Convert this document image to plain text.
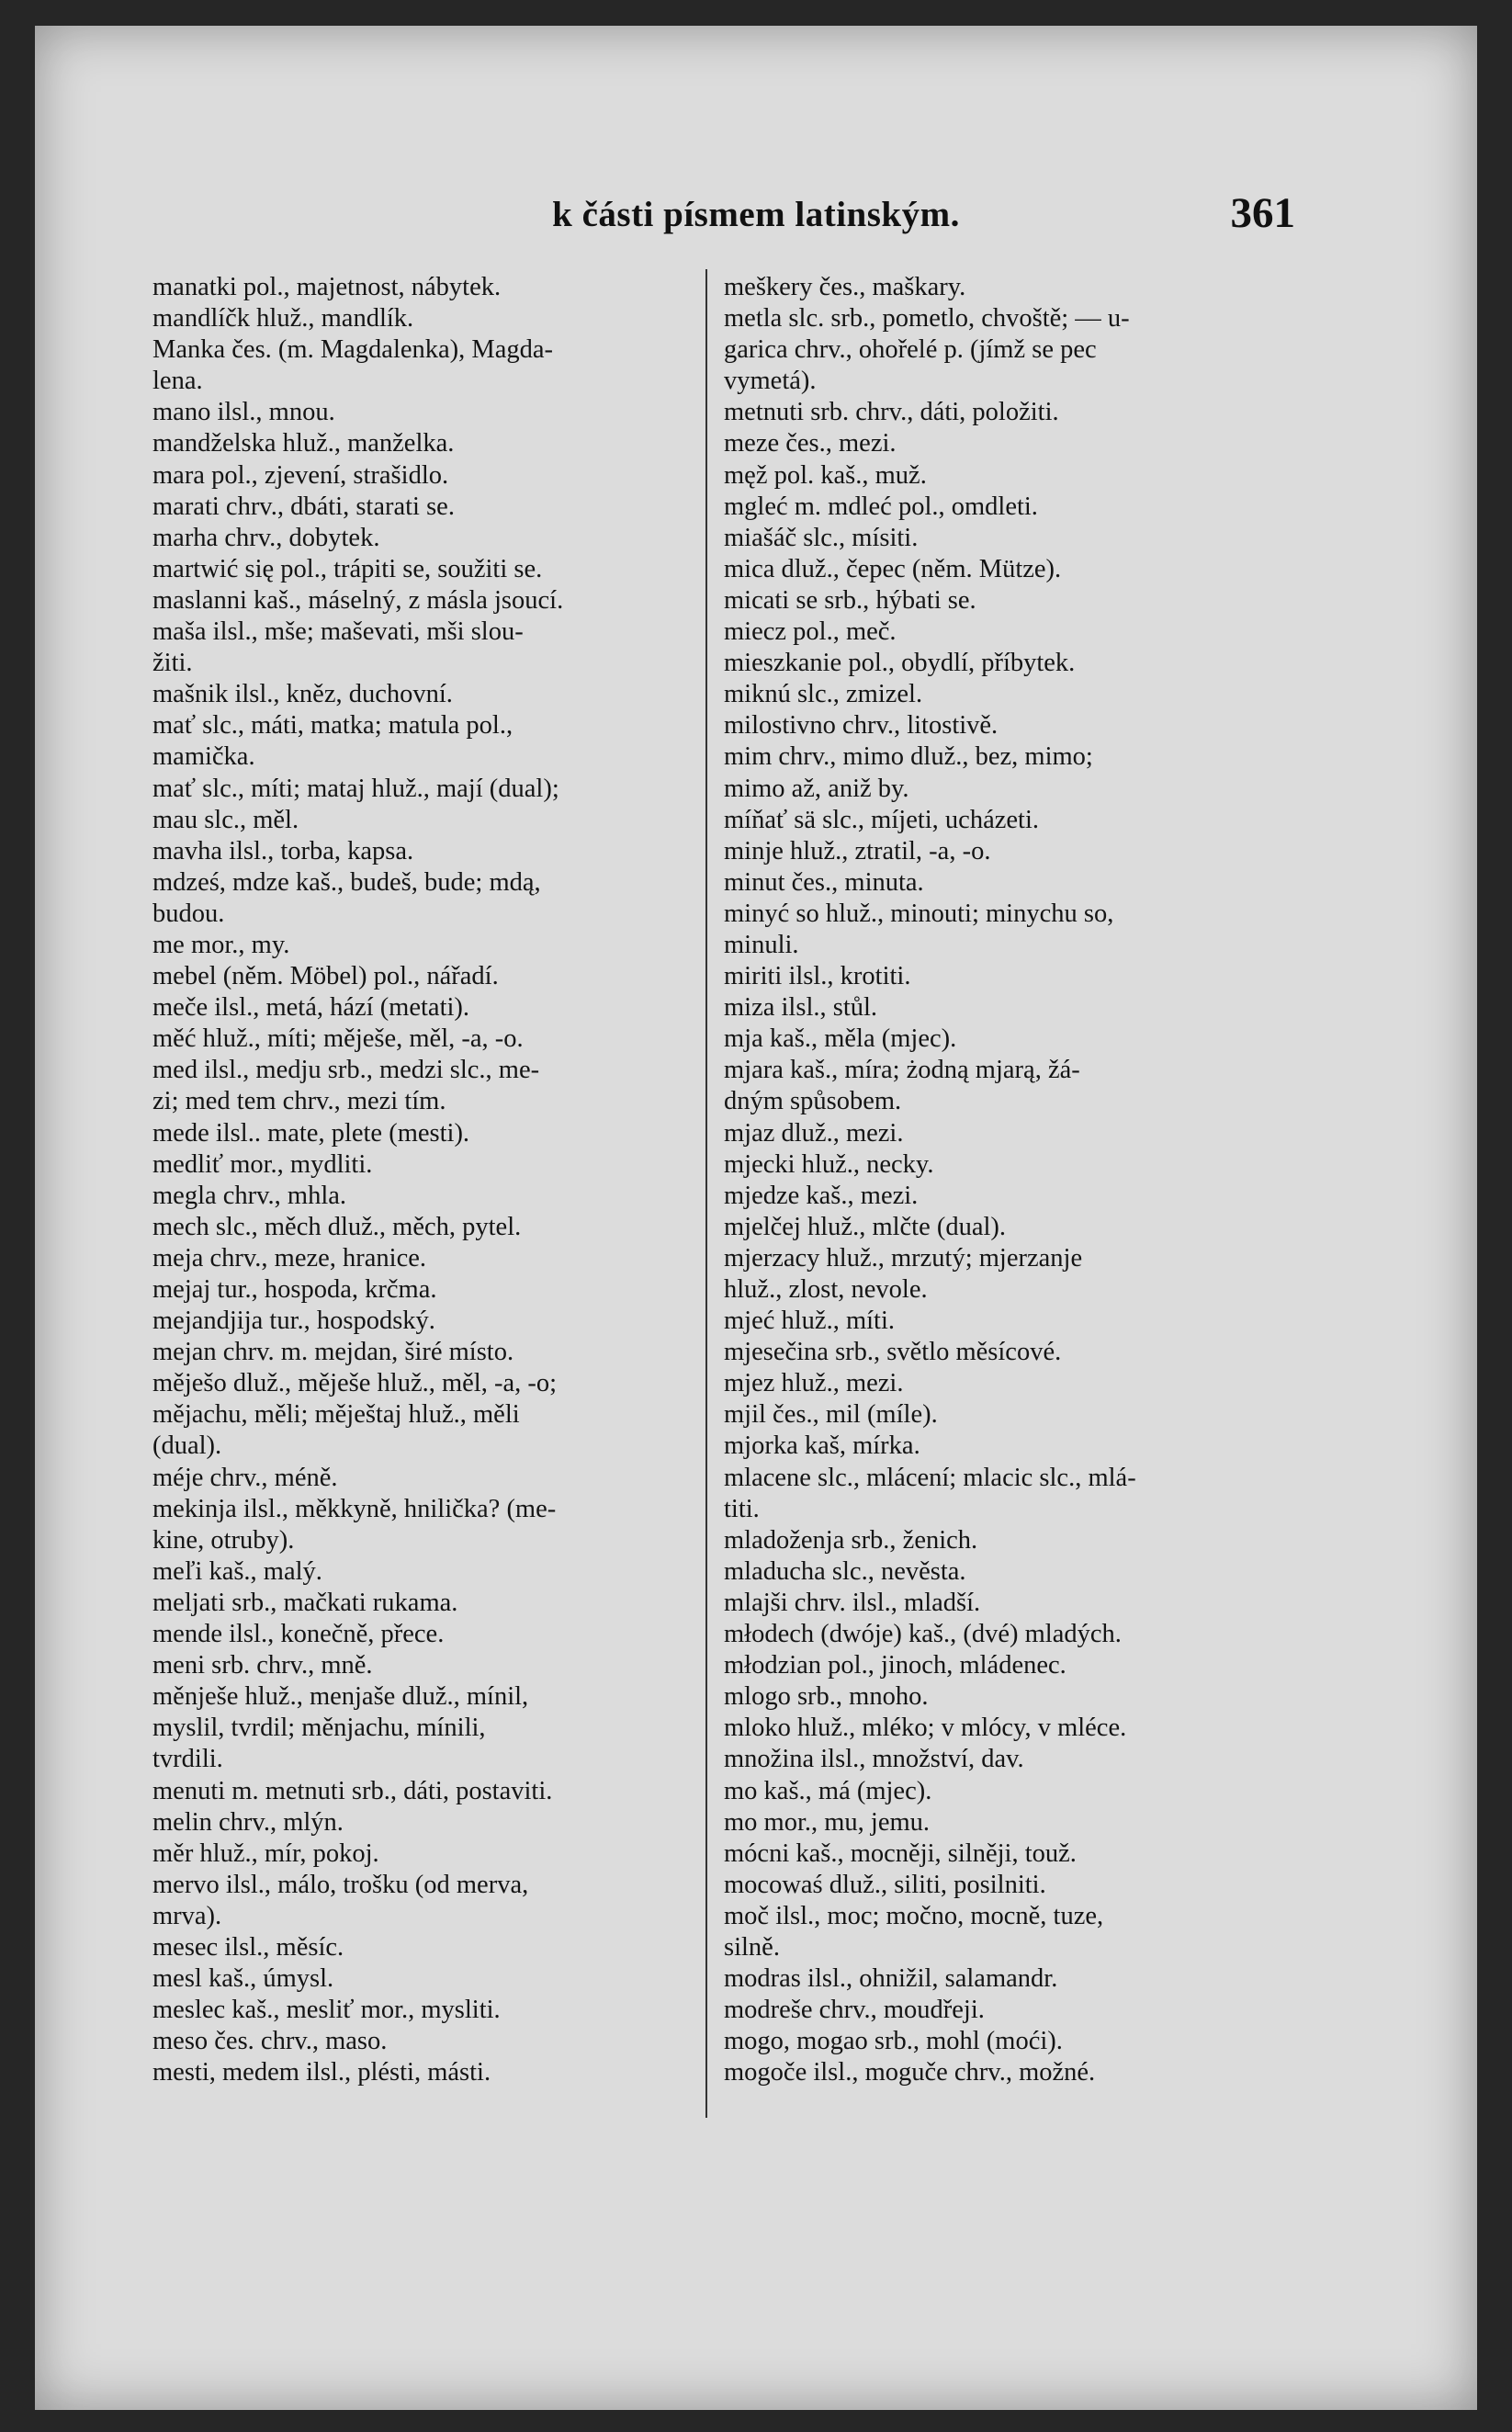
k části písmem latinským.	361
manatki pol., majetnost, nábytek.
mandlíčk hluž., mandlík.
Manka čes. (m. Magdalenka), Magda-
lena.
mano ilsl., mnou.
mandželska hluž., manželka.
mara pol., zjevení, strašidlo.
marati chrv., dbáti, starati se.
marha chrv., dobytek.
martwić się pol., trápiti se, soužiti se.
maslanni kaš., máselný, z másla jsoucí.
maša ilsl., mše; maševati, mši slou-
žiti.
mašnik ilsl., kněz, duchovní.
mať slc., máti, matka; matula pol.,
mamička.
mať slc., míti; mataj hluž., mají (dual);
mau slc., měl.
mavha ilsl., torba, kapsa.
mdześ, mdze kaš., budeš, bude; mdą,
budou.
me mor., my.
mebel (něm. Möbel) pol., nářadí.
meče ilsl., metá, hází (metati).
měć hluž., míti; měješe, měl, -a, -o.
med ilsl., medju srb., medzi slc., me-
zi; med tem chrv., mezi tím.
mede ilsl.. mate, plete (mesti).
medliť mor., mydliti.
megla chrv., mhla.
mech slc., měch dluž., měch, pytel.
meja chrv., meze, hranice.
mejaj tur., hospoda, krčma.
mejandjija tur., hospodský.
mejan chrv. m. mejdan, širé místo.
měješo dluž., měješe hluž., měl, -a, -o;
mějachu, měli; měještaj hluž., měli
(dual).
méje chrv., méně.
mekinja ilsl., měkkyně, hnilička? (me-
kine, otruby).
meľi kaš., malý.
meljati srb., mačkati rukama.
mende ilsl., konečně, přece.
meni srb. chrv., mně.
měnješe hluž., menjaše dluž., mínil,
myslil, tvrdil; měnjachu, mínili,
tvrdili.
menuti m. metnuti srb., dáti, postaviti.
melin chrv., mlýn.
měr hluž., mír, pokoj.
mervo ilsl., málo, trošku (od merva,
mrva).
mesec ilsl., měsíc.
mesl kaš., úmysl.
meslec kaš., mesliť mor., mysliti.
meso čes. chrv., maso.
mesti, medem ilsl., plésti, másti.
meškery čes., maškary.
metla slc. srb., pometlo, chvoště; — u-
garica chrv., ohořelé p. (jímž se pec
vymetá).
metnuti srb. chrv., dáti, položiti.
meze čes., mezi.
męž pol. kaš., muž.
mgleć m. mdleć pol., omdleti.
miašáč slc., mísiti.
mica dluž., čepec (něm. Mütze).
micati se srb., hýbati se.
miecz pol., meč.
mieszkanie pol., obydlí, příbytek.
miknú slc., zmizel.
milostivno chrv., litostivě.
mim chrv., mimo dluž., bez, mimo;
mimo až, aniž by.
míňať sä slc., míjeti, ucházeti.
minje hluž., ztratil, -a, -o.
minut čes., minuta.
minyć so hluž., minouti; minychu so,
minuli.
miriti ilsl., krotiti.
miza ilsl., stůl.
mja kaš., měla (mjec).
mjara kaš., míra; żodną mjarą, žá-
dným spůsobem.
mjaz dluž., mezi.
mjecki hluž., necky.
mjedze kaš., mezi.
mjelčej hluž., mlčte (dual).
mjerzacy hluž., mrzutý; mjerzanje
hluž., zlost, nevole.
mjeć hluž., míti.
mjesečina srb., světlo měsícové.
mjez hluž., mezi.
mjil čes., mil (míle).
mjorka kaš, mírka.
mlacene slc., mlácení; mlacic slc., mlá-
titi.
mladoženja srb., ženich.
mladucha slc., nevěsta.
mlajši chrv. ilsl., mladší.
młodech (dwóje) kaš., (dvé) mladých.
młodzian pol., jinoch, mládenec.
mlogo srb., mnoho.
mloko hluž., mléko; v mlócy, v mléce.
množina ilsl., množství, dav.
mo kaš., má (mjec).
mo mor., mu, jemu.
mócni kaš., mocněji, silněji, touž.
mocowaś dluž., siliti, posilniti.
moč ilsl., moc; močno, mocně, tuze,
silně.
modras ilsl., ohnižil, salamandr.
modreše chrv., moudřeji.
mogo, mogao srb., mohl (moći).
mogoče ilsl., moguče chrv., možné.
